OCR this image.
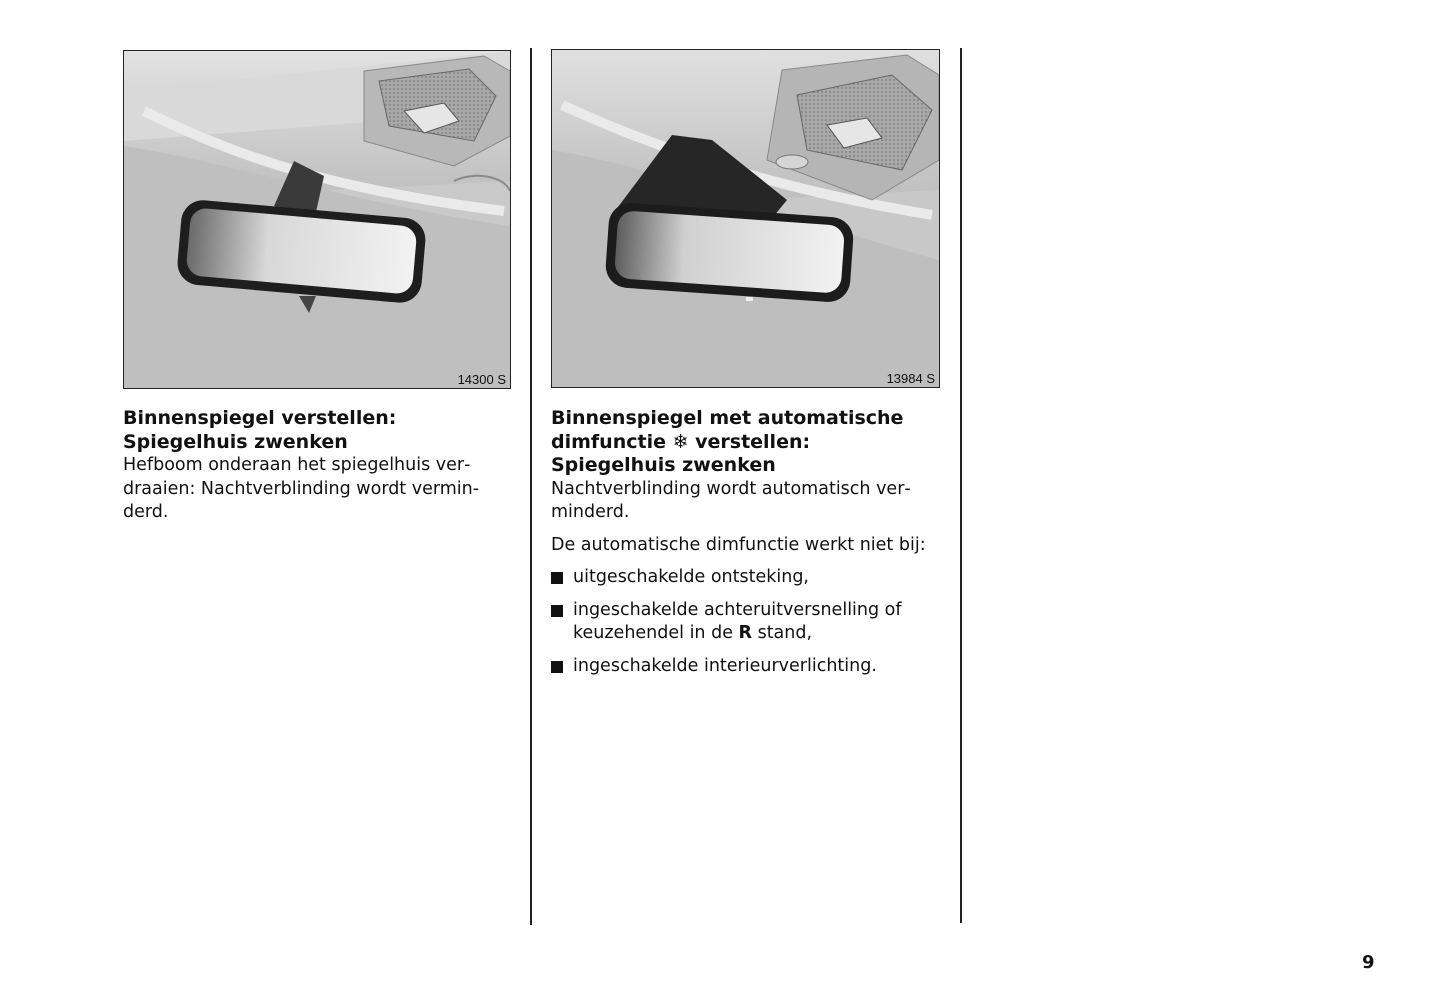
14300 S	13984 S

Binnenspiegel verstellen:
Spiegelhuis zwenken

Hefboom onderaan het spiegelhuis verdraaien: Nachtverblinding wordt verminderd.

Binnenspiegel met automatische
dimfunctie ❄ verstellen:
Spiegelhuis zwenken

Nachtverblinding wordt automatisch verminderd.

De automatische dimfunctie werkt niet bij:

uitgeschakelde ontsteking,
ingeschakelde achteruitversnelling of keuzehendel in de R stand,
ingeschakelde interieurverlichting.
9
